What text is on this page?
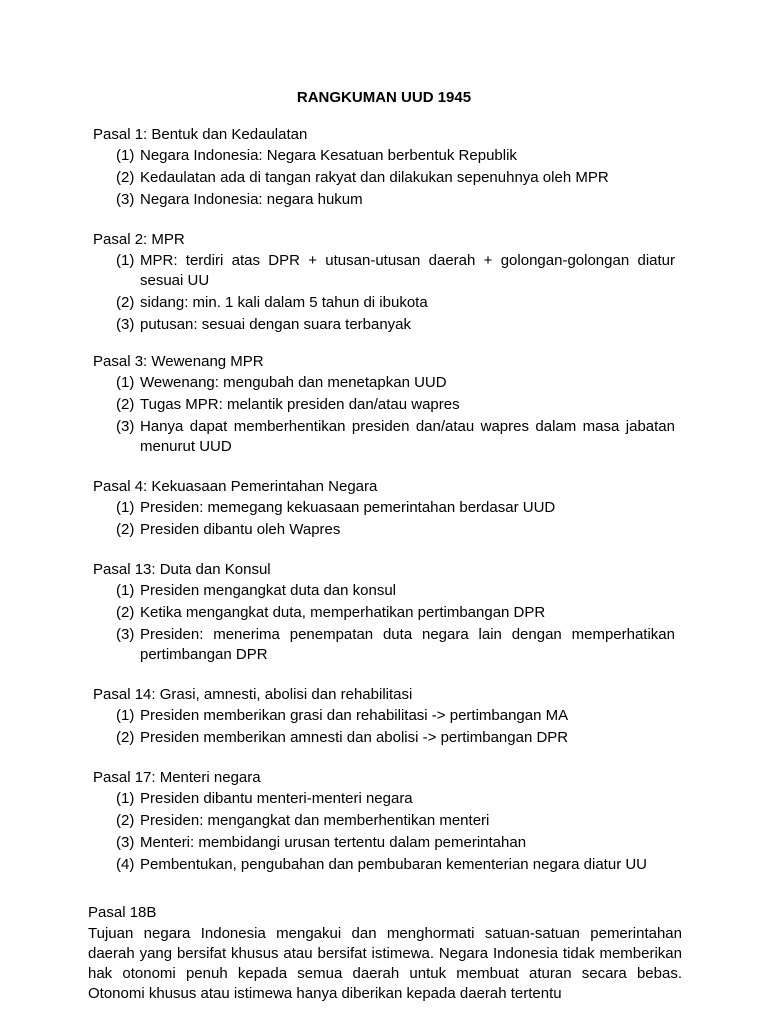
RANGKUMAN UUD 1945
Pasal 1: Bentuk dan Kedaulatan
(1) Negara Indonesia: Negara Kesatuan berbentuk Republik
(2) Kedaulatan ada di tangan rakyat dan dilakukan sepenuhnya oleh MPR
(3) Negara Indonesia: negara hukum
Pasal 2: MPR
(1) MPR: terdiri atas DPR + utusan-utusan daerah + golongan-golongan diatur sesuai UU
(2) sidang: min. 1 kali dalam 5 tahun di ibukota
(3) putusan: sesuai dengan suara terbanyak
Pasal 3: Wewenang MPR
(1) Wewenang: mengubah dan menetapkan UUD
(2) Tugas MPR: melantik presiden dan/atau wapres
(3) Hanya dapat memberhentikan presiden dan/atau wapres dalam masa jabatan menurut UUD
Pasal 4: Kekuasaan Pemerintahan Negara
(1) Presiden: memegang kekuasaan pemerintahan berdasar UUD
(2) Presiden dibantu oleh Wapres
Pasal 13: Duta dan Konsul
(1) Presiden mengangkat duta dan konsul
(2) Ketika mengangkat duta, memperhatikan pertimbangan DPR
(3) Presiden: menerima penempatan duta negara lain dengan memperhatikan pertimbangan DPR
Pasal 14: Grasi, amnesti, abolisi dan rehabilitasi
(1) Presiden memberikan grasi dan rehabilitasi -> pertimbangan MA
(2) Presiden memberikan amnesti dan abolisi -> pertimbangan DPR
Pasal 17: Menteri negara
(1) Presiden dibantu menteri-menteri negara
(2) Presiden: mengangkat dan memberhentikan menteri
(3) Menteri: membidangi urusan tertentu dalam pemerintahan
(4) Pembentukan, pengubahan dan pembubaran kementerian negara diatur UU
Pasal 18B
Tujuan negara Indonesia mengakui dan menghormati satuan-satuan pemerintahan daerah yang bersifat khusus atau bersifat istimewa. Negara Indonesia tidak memberikan hak otonomi penuh kepada semua daerah untuk membuat aturan secara bebas. Otonomi khusus atau istimewa hanya diberikan kepada daerah tertentu
